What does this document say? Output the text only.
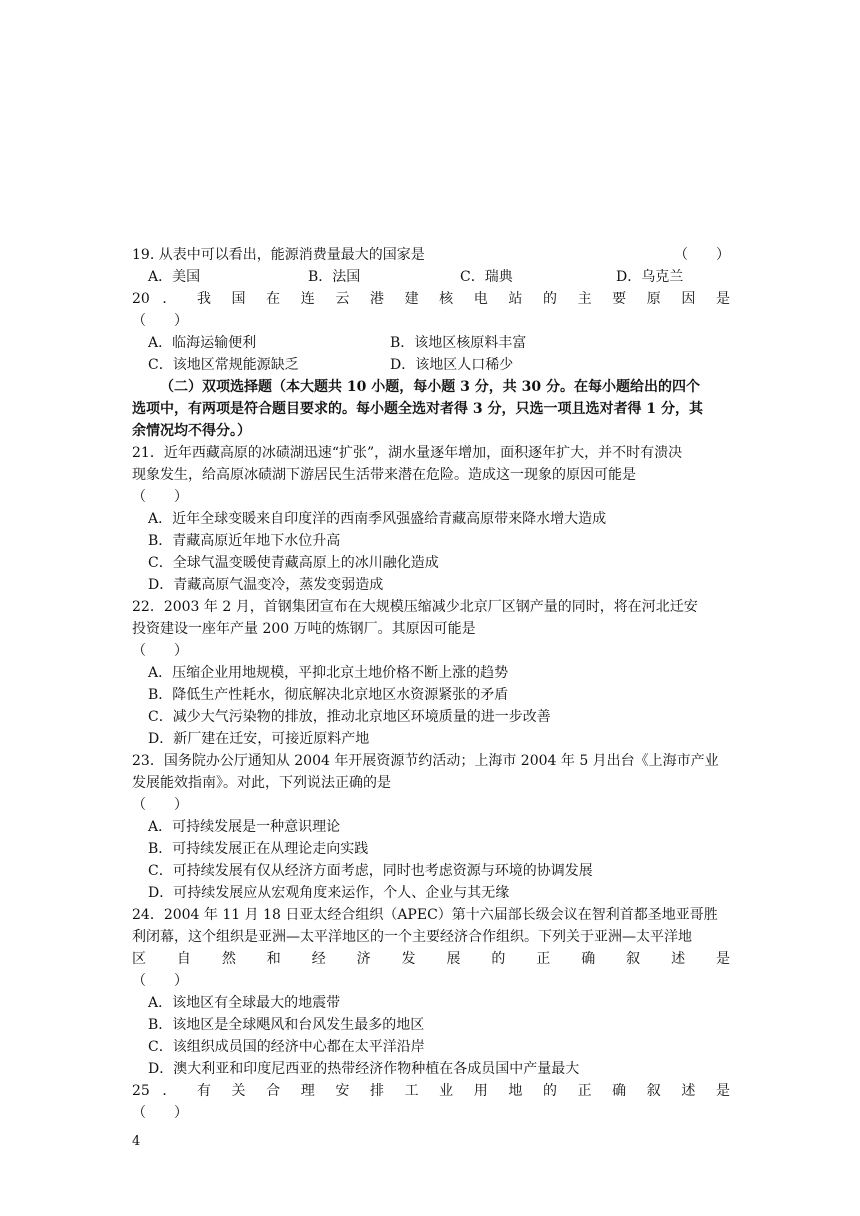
19. 从表中可以看出，能源消费量最大的国家是	（　　）
A．美国	B．法国	C．瑞典	D．乌克兰
20 ． 我 国 在 连 云 港 建 核 电 站 的 主 要 原 因 是
（　　）
A．临海运输便利	B．该地区核原料丰富
C．该地区常规能源缺乏	D．该地区人口稀少
（二）双项选择题（本大题共 10 小题，每小题 3 分，共 30 分。在每小题给出的四个
选项中，有两项是符合题目要求的。每小题全选对者得 3 分，只选一项且选对者得 1 分，其
余情况均不得分。）
21．近年西藏高原的冰碛湖迅速“扩张”，湖水量逐年增加，面积逐年扩大，并不时有溃决
现象发生，给高原冰碛湖下游居民生活带来潜在危险。造成这一现象的原因可能是
（　　）
A．近年全球变暖来自印度洋的西南季风强盛给青藏高原带来降水增大造成
B．青藏高原近年地下水位升高
C．全球气温变暖使青藏高原上的冰川融化造成
D．青藏高原气温变冷，蒸发变弱造成
22．2003 年 2 月，首钢集团宣布在大规模压缩减少北京厂区钢产量的同时，将在河北迁安
投资建设一座年产量 200 万吨的炼钢厂。其原因可能是
（　　）
A．压缩企业用地规模，平抑北京土地价格不断上涨的趋势
B．降低生产性耗水，彻底解决北京地区水资源紧张的矛盾
C．减少大气污染物的排放，推动北京地区环境质量的进一步改善
D．新厂建在迁安，可接近原料产地
23．国务院办公厅通知从 2004 年开展资源节约活动；上海市 2004 年 5 月出台《上海市产业
发展能效指南》。对此，下列说法正确的是
（　　）
A．可持续发展是一种意识理论
B．可持续发展正在从理论走向实践
C．可持续发展有仅从经济方面考虑，同时也考虑资源与环境的协调发展
D．可持续发展应从宏观角度来运作，个人、企业与其无缘
24．2004 年 11 月 18 日亚太经合组织（APEC）第十六届部长级会议在智利首都圣地亚哥胜
利闭幕，这个组织是亚洲—太平洋地区的一个主要经济合作组织。下列关于亚洲—太平洋地
区 自 然 和 经 济 发 展 的 正 确 叙 述 是
（　　）
A．该地区有全球最大的地震带
B．该地区是全球飓风和台风发生最多的地区
C．该组织成员国的经济中心都在太平洋沿岸
D．澳大利亚和印度尼西亚的热带经济作物种植在各成员国中产量最大
25 ． 有 关 合 理 安 排 工 业 用 地 的 正 确 叙 述 是
（　　）
4
